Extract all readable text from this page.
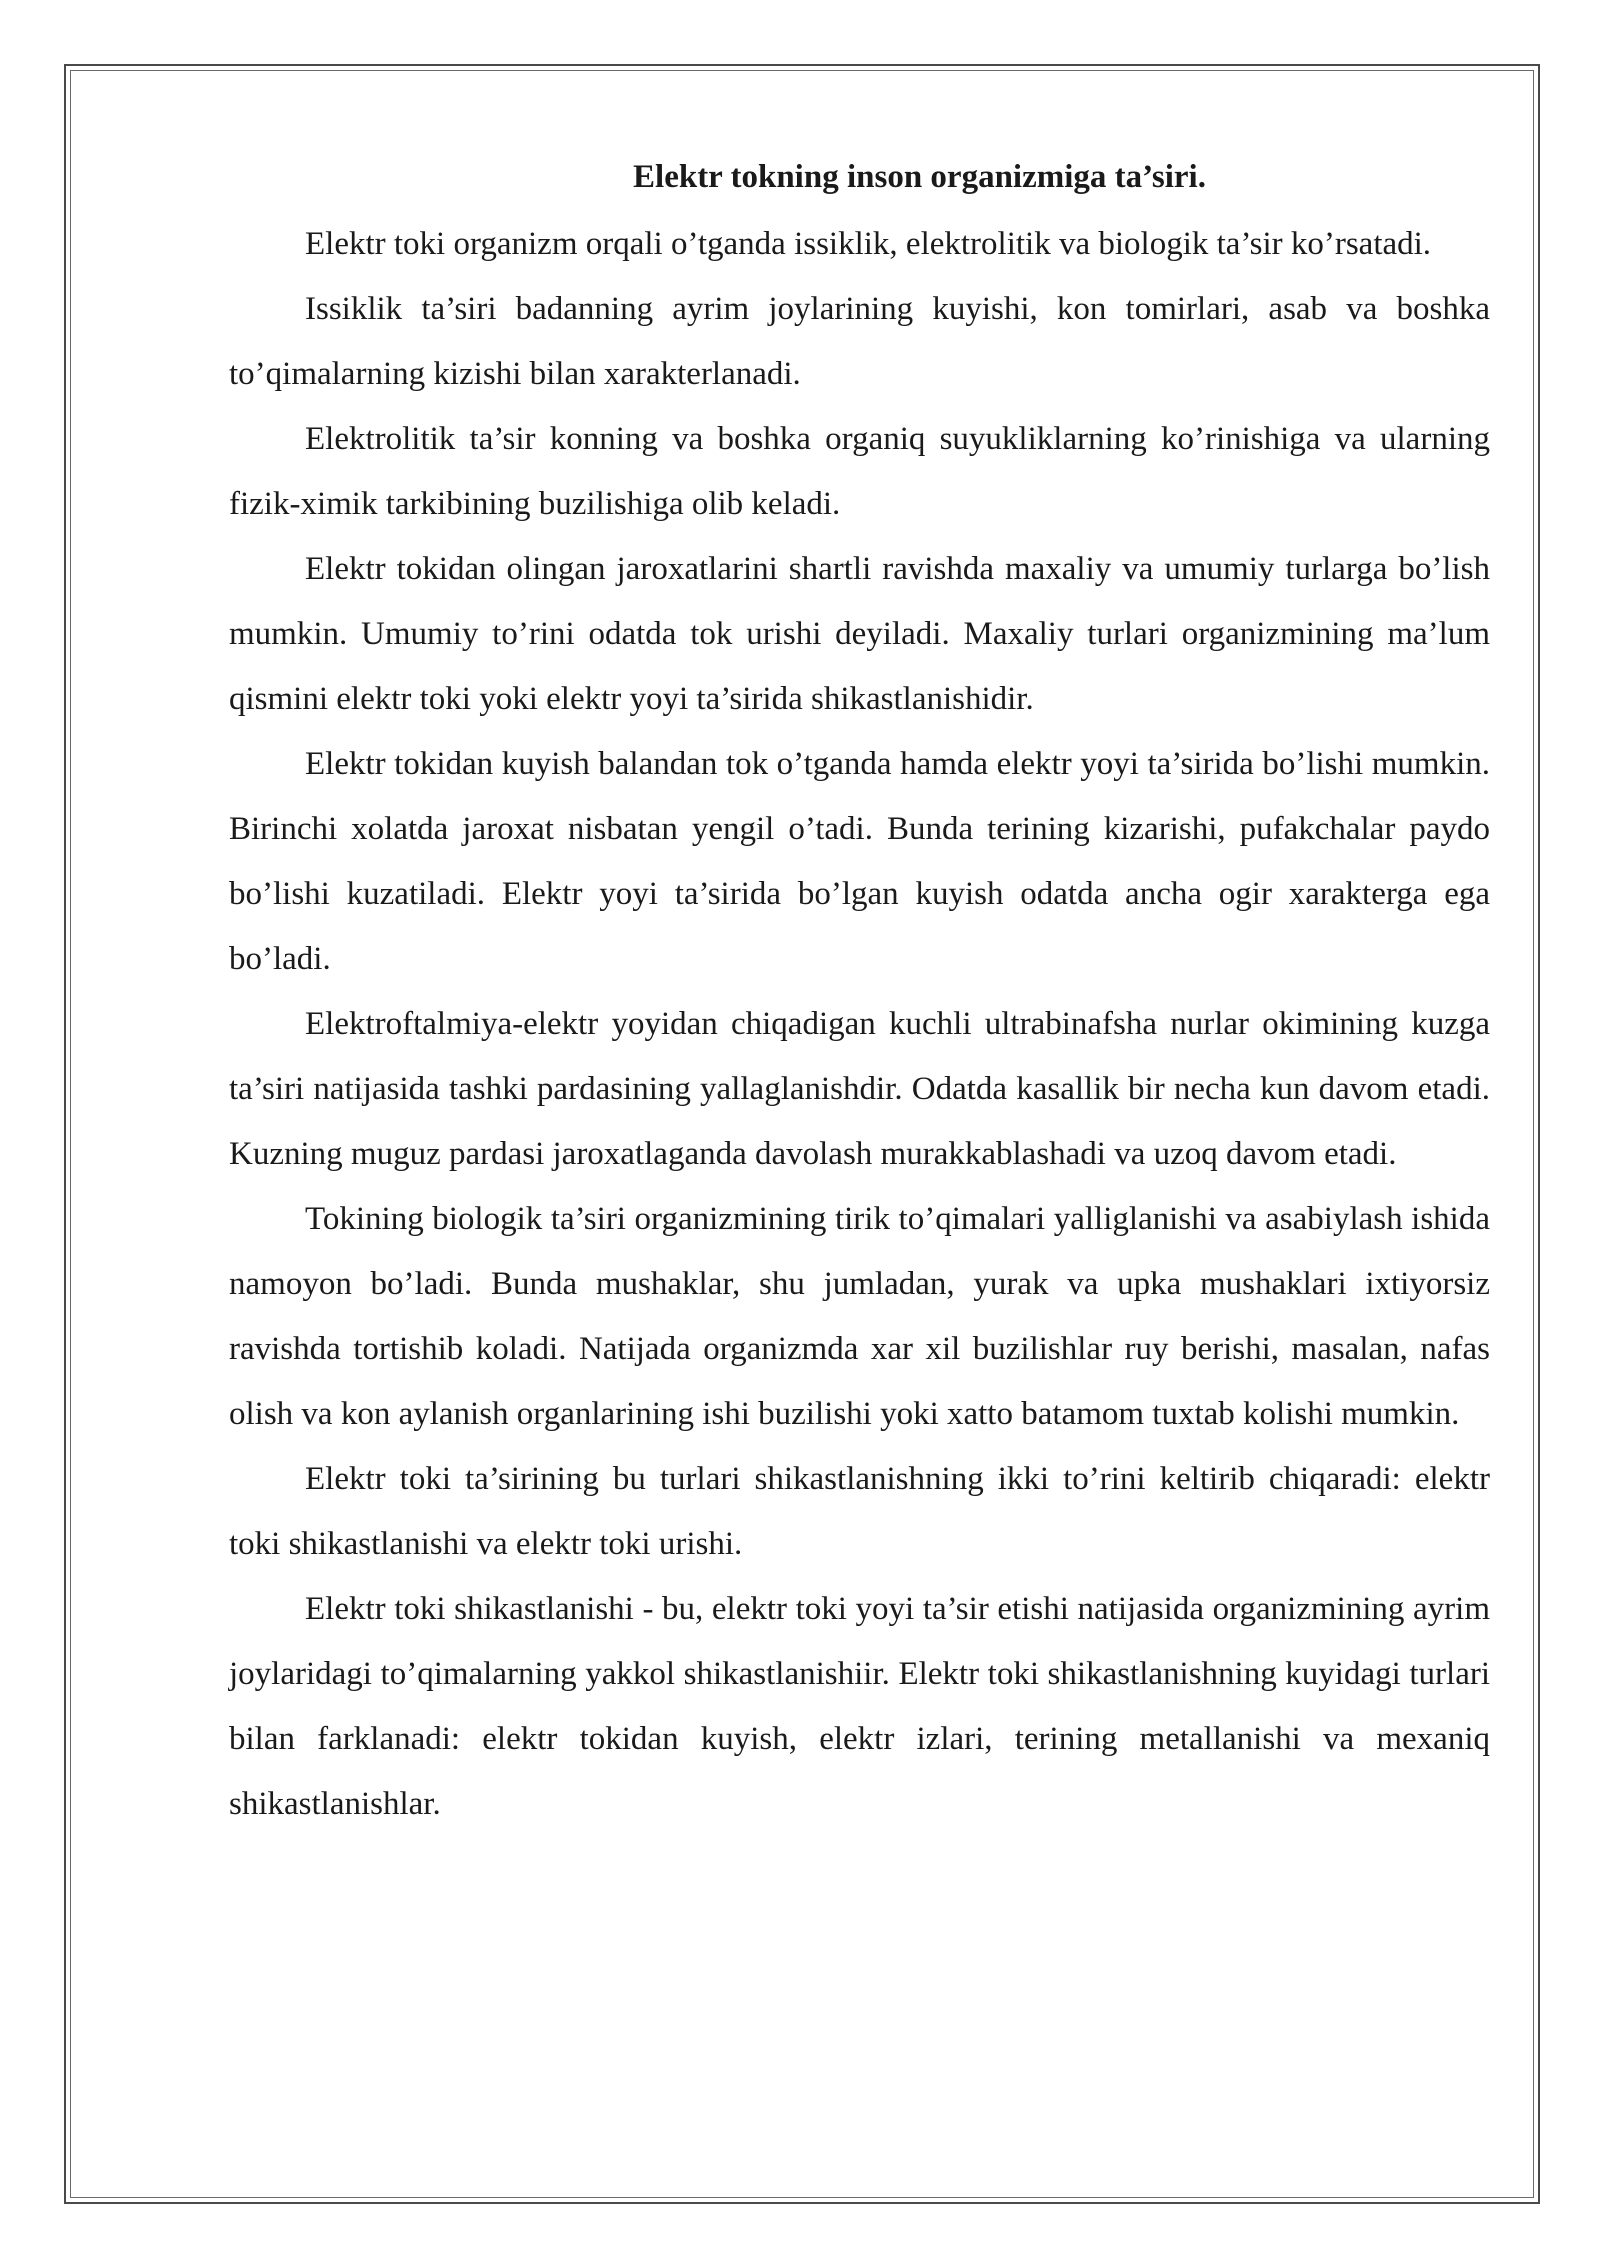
Elektr tokning inson organizmiga ta’siri.

Elektr toki organizm orqali o’tganda issiklik, elektrolitik va biologik ta’sir ko’rsatadi.

Issiklik ta’siri badanning ayrim joylarining kuyishi, kon tomirlari, asab va boshka to’qimalarning kizishi bilan xarakterlanadi.

Elektrolitik ta’sir konning va boshka organiq suyukliklarning ko’rinishiga va ularning fizik-ximik tarkibining buzilishiga olib keladi.

Elektr tokidan olingan jaroxatlarini shartli ravishda maxaliy va umumiy turlarga bo’lish mumkin. Umumiy to’rini odatda tok urishi deyiladi. Maxaliy turlari organizmining ma’lum qismini elektr toki yoki elektr yoyi ta’sirida shikastlanishidir.

Elektr tokidan kuyish balandan tok o’tganda hamda elektr yoyi ta’sirida bo’lishi mumkin. Birinchi xolatda jaroxat nisbatan yengil o’tadi. Bunda terining kizarishi, pufakchalar paydo bo’lishi kuzatiladi. Elektr yoyi ta’sirida bo’lgan kuyish odatda ancha ogir xarakterga ega bo’ladi.

Elektroftalmiya-elektr yoyidan chiqadigan kuchli ultrabinafsha nurlar okimining kuzga ta’siri natijasida tashki pardasining yallaglanishdir. Odatda kasallik bir necha kun davom etadi. Kuzning muguz pardasi jaroxatlaganda davolash murakkablashadi va uzoq davom etadi.

Tokining biologik ta’siri organizmining tirik to’qimalari yalliglanishi va asabiylash ishida namoyon bo’ladi. Bunda mushaklar, shu jumladan, yurak va upka mushaklari ixtiyorsiz ravishda tortishib koladi. Natijada organizmda xar xil buzilishlar ruy berishi, masalan, nafas olish va kon aylanish organlarining ishi buzilishi yoki xatto batamom tuxtab kolishi mumkin.

Elektr toki ta’sirining bu turlari shikastlanishning ikki to’rini keltirib chiqaradi: elektr toki shikastlanishi va elektr toki urishi.

Elektr toki shikastlanishi - bu, elektr toki yoyi ta’sir etishi natijasida organizmining ayrim joylaridagi to’qimalarning yakkol shikastlanishiir. Elektr toki shikastlanishning kuyidagi turlari bilan farklanadi: elektr tokidan kuyish, elektr izlari, terining metallanishi va mexaniq shikastlanishlar.
